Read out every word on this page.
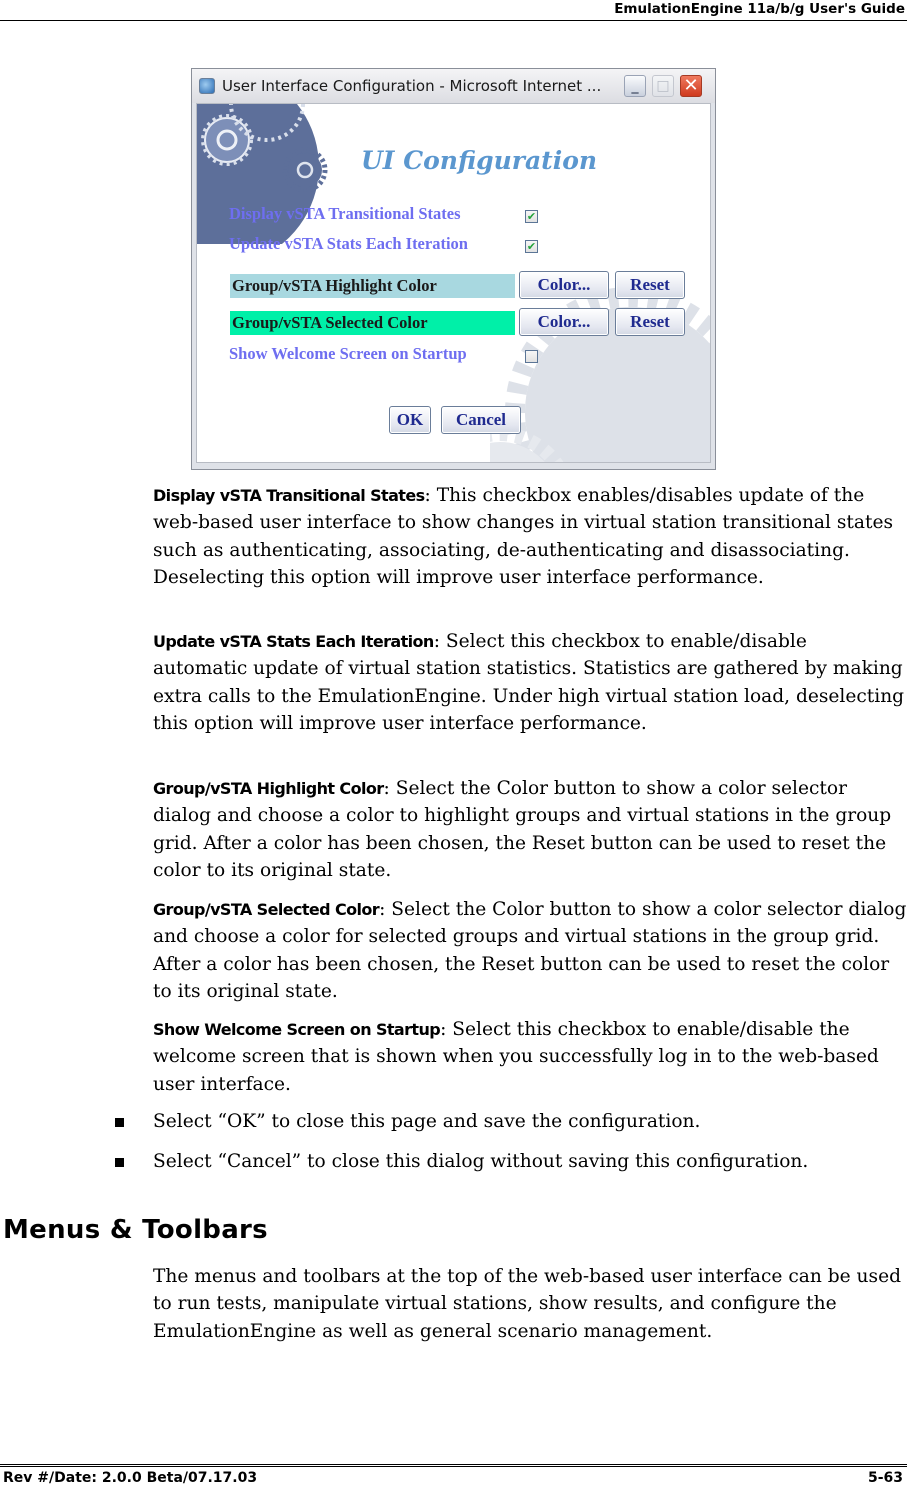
EmulationEngine 11a/b/g User's Guide
User Interface Configuration - Microsoft Internet ...	_	□ ✕
UI Configuration
Display vSTA Transitional States	✔
Update vSTA Stats Each Iteration	✔
Group/vSTA Highlight Color	Color...	Reset
Group/vSTA Selected Color	Color...	Reset
Show Welcome Screen on Startup
OK	Cancel
Display vSTA Transitional States: This checkbox enables/disables update of the web-based user interface to show changes in virtual station transitional states such as authenticating, associating, de-authenticating and disassociating. Deselecting this option will improve user interface performance.
Update vSTA Stats Each Iteration: Select this checkbox to enable/disable automatic update of virtual station statistics. Statistics are gathered by making extra calls to the EmulationEngine. Under high virtual station load, deselecting this option will improve user interface performance.
Group/vSTA Highlight Color: Select the Color button to show a color selector dialog and choose a color to highlight groups and virtual stations in the group grid. After a color has been chosen, the Reset button can be used to reset the color to its original state.
Group/vSTA Selected Color: Select the Color button to show a color selector dialog and choose a color for selected groups and virtual stations in the group grid. After a color has been chosen, the Reset button can be used to reset the color to its original state.
Show Welcome Screen on Startup: Select this checkbox to enable/disable the welcome screen that is shown when you successfully log in to the web-based user interface.
Select “OK” to close this page and save the configuration.
Select “Cancel” to close this dialog without saving this configuration.
Menus & Toolbars
The menus and toolbars at the top of the web-based user interface can be used to run tests, manipulate virtual stations, show results, and configure the EmulationEngine as well as general scenario management.
Rev #/Date: 2.0.0 Beta/07.17.03	5-63
